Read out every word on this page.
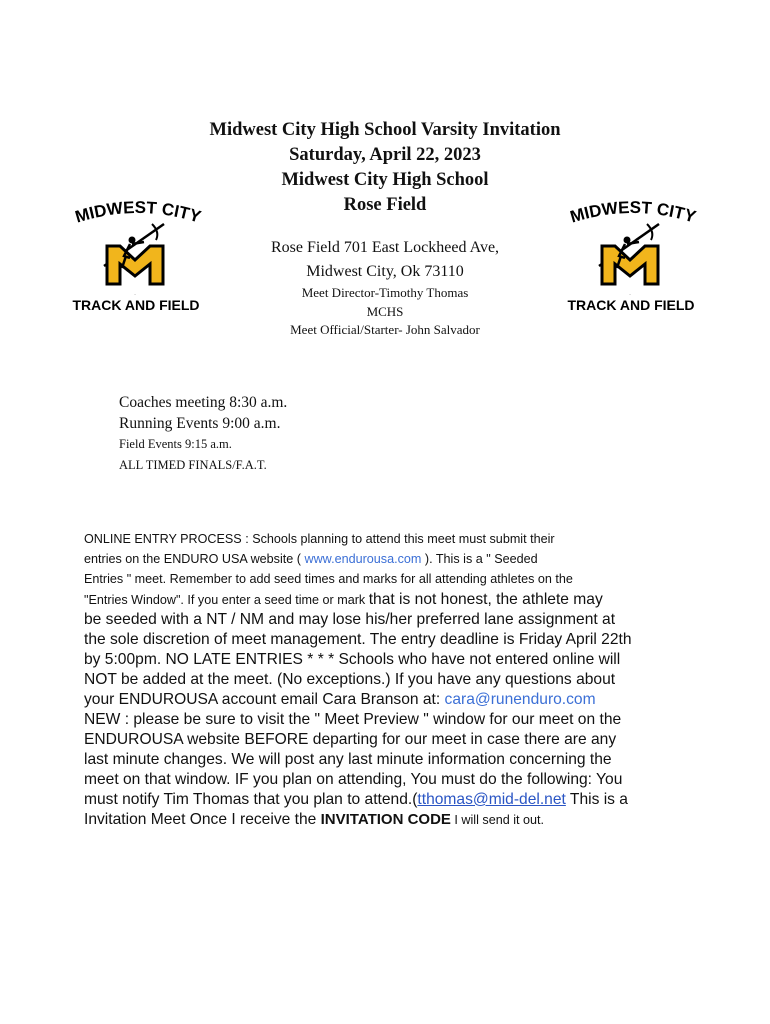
Midwest City High School Varsity Invitation

Saturday, April 22, 2023

Midwest City High School

Rose Field

Rose Field 701 East Lockheed Ave,
Midwest City, Ok 73110
Meet Director-Timothy Thomas
MCHS
Meet Official/Starter- John Salvador
MIDWEST CITY
M
TRACK AND FIELD
MIDWEST CITY
M
TRACK AND FIELD
Coaches meeting 8:30 a.m.
Running Events 9:00 a.m.
Field Events 9:15 a.m.
ALL TIMED FINALS/F.A.T.

ONLINE ENTRY PROCESS : Schools planning to attend this meet must submit their

entries on the ENDURO USA website ( www.endurousa.com ). This is a " Seeded

Entries " meet. Remember to add seed times and marks for all attending athletes on the

"Entries Window". If you enter a seed time or mark that is not honest, the athlete may

be seeded with a NT / NM and may lose his/her preferred lane assignment at

the sole discretion of meet management. The entry deadline is Friday April 22th

by 5:00pm. NO LATE ENTRIES * * * Schools who have not entered online will

NOT be added at the meet. (No exceptions.) If you have any questions about

your ENDUROUSA account email Cara Branson at: cara@runenduro.com

NEW : please be sure to visit the " Meet Preview " window for our meet on the

ENDUROUSA website BEFORE departing for our meet in case there are any

last minute changes. We will post any last minute information concerning the

meet on that window. IF you plan on attending, You must do the following: You

must notify Tim Thomas that you plan to attend.(tthomas@mid-del.net This is a

Invitation Meet Once I receive the INVITATION CODE I will send it out.
